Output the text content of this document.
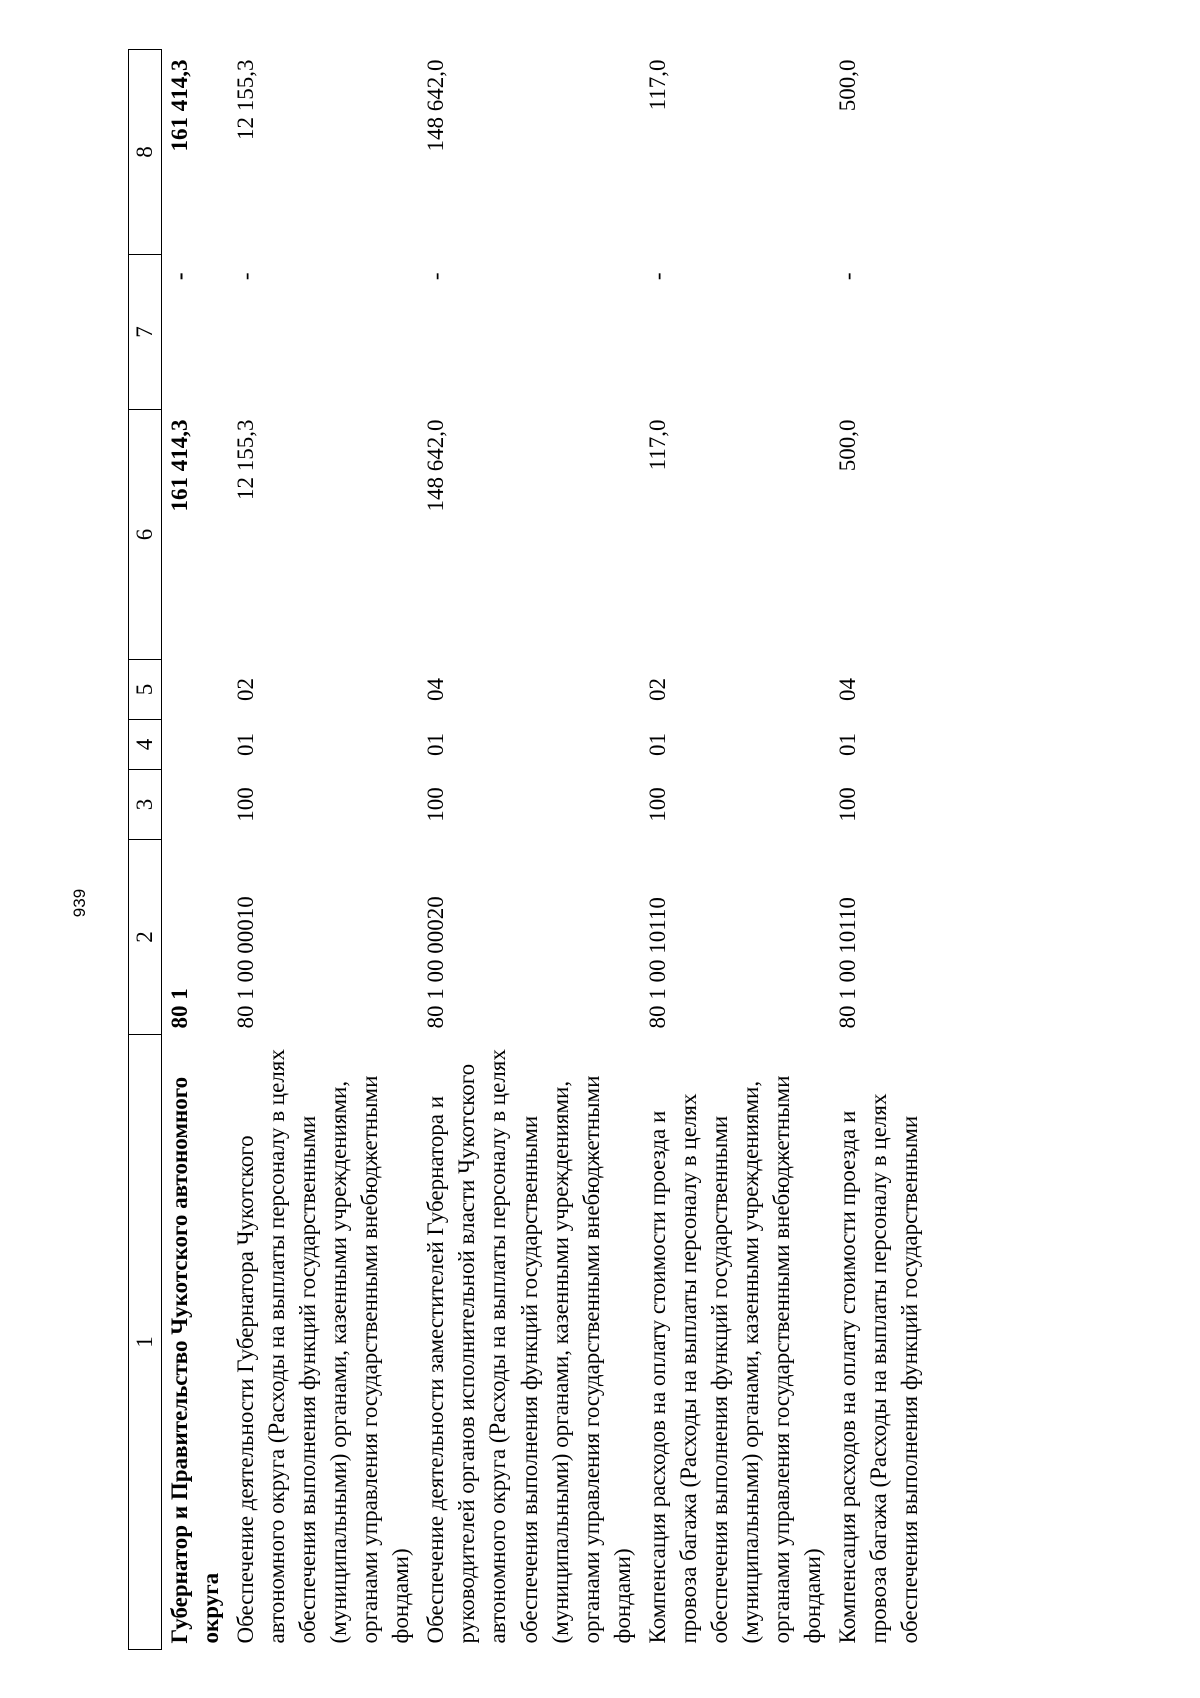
939
1	2	3	4	5	6	7	8
Губернатор и Правительство Чукотского автономного округа	80 1				161 414,3	-	161 414,3
Обеспечение деятельности Губернатора Чукотского автономного округа (Расходы на выплаты персоналу в целях обеспечения выполнения функций государственными (муниципальными) органами, казенными учреждениями, органами управления государственными внебюджетными фондами)	80 1 00 00010	100	01	02	12 155,3	-	12 155,3
Обеспечение деятельности заместителей Губернатора и руководителей органов исполнительной власти Чукотского автономного округа (Расходы на выплаты персоналу в целях обеспечения выполнения функций государственными (муниципальными) органами, казенными учреждениями, органами управления государственными внебюджетными фондами)	80 1 00 00020	100	01	04	148 642,0	-	148 642,0
Компенсация расходов на оплату стоимости проезда и провоза багажа (Расходы на выплаты персоналу в целях обеспечения выполнения функций государственными (муниципальными) органами, казенными учреждениями, органами управления государственными внебюджетными фондами)	80 1 00 10110	100	01	02	117,0	-	117,0
Компенсация расходов на оплату стоимости проезда и провоза багажа (Расходы на выплаты персоналу в целях обеспечения выполнения функций государственными	80 1 00 10110	100	01	04	500,0	-	500,0
